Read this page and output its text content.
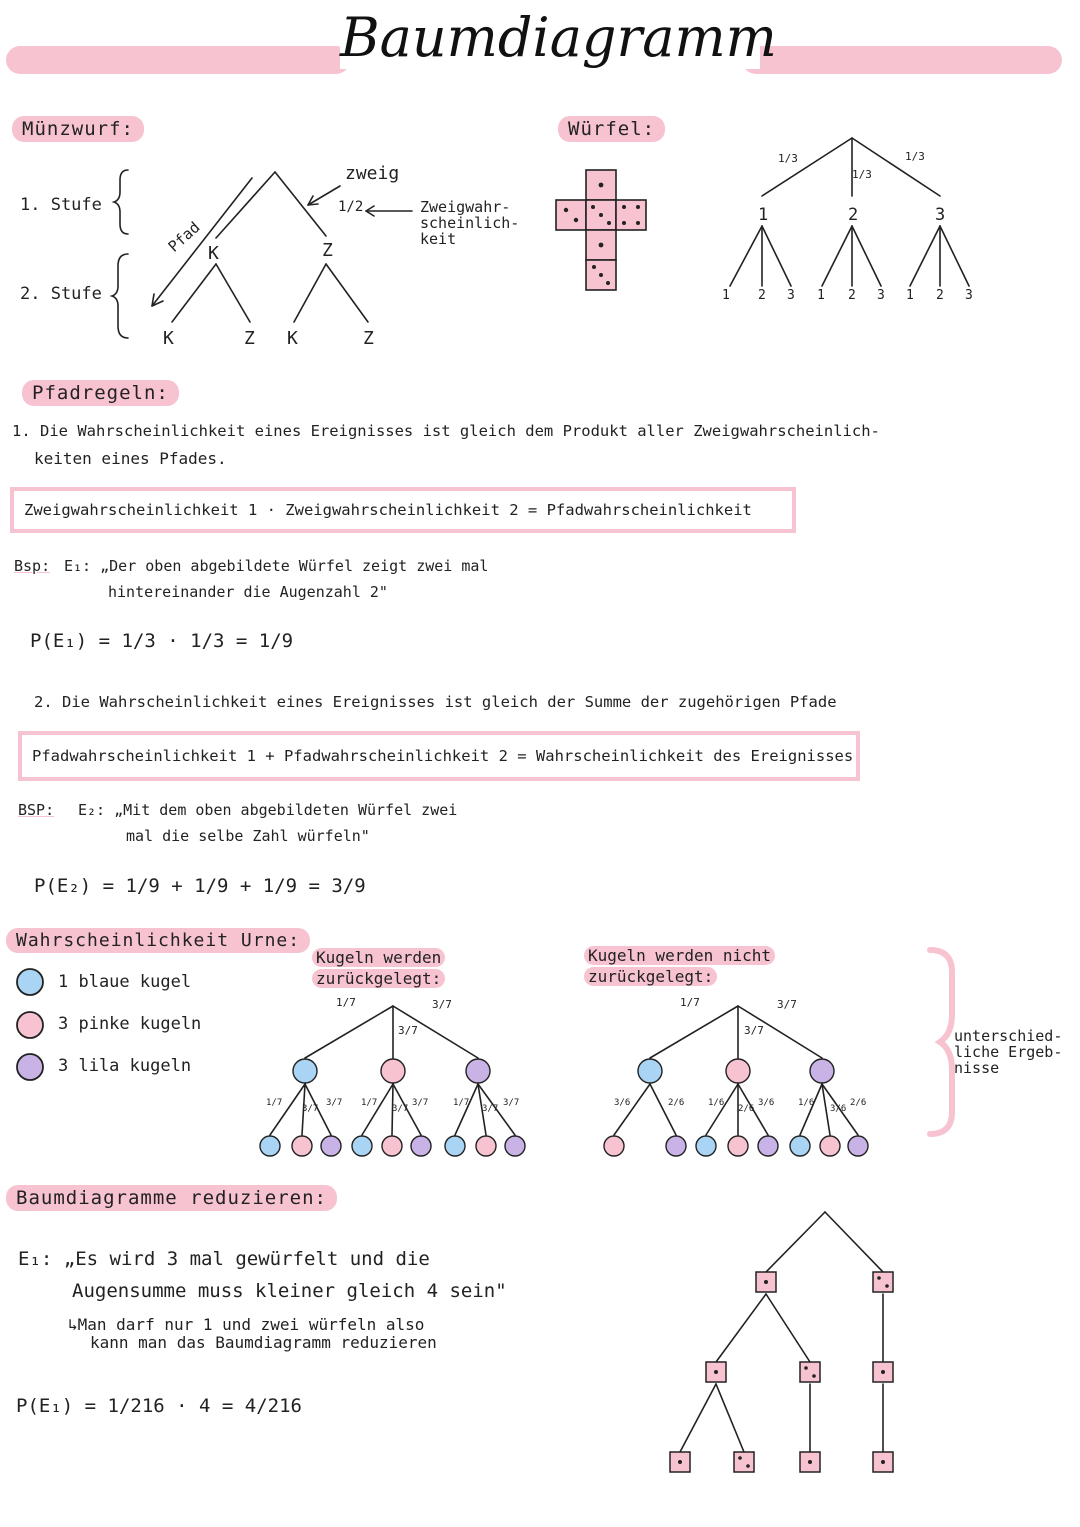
Baumdiagramm
Münzwurf:	Würfel:
1. Stufe
2. Stufe
zweig
Zweigwahr-
scheinlich-
keit
1/2
Pfad K	Z
K	Z K	Z
1/3
1/3
1/3
1	2	3
1 2 3 1 2 3 1 2 3
Pfadregeln:
1. Die Wahrscheinlichkeit eines Ereignisses ist gleich dem Produkt aller Zweigwahrscheinlich-
keiten eines Pfades.
Zweigwahrscheinlichkeit 1 · Zweigwahrscheinlichkeit 2 = Pfadwahrscheinlichkeit
Bsp: E₁: „Der oben abgebildete Würfel zeigt zwei mal
hintereinander die Augenzahl 2"
P(E₁) = 1/3 · 1/3 = 1/9
2. Die Wahrscheinlichkeit eines Ereignisses ist gleich der Summe der zugehörigen Pfade
Pfadwahrscheinlichkeit 1 + Pfadwahrscheinlichkeit 2 = Wahrscheinlichkeit des Ereignisses
BSP: E₂: „Mit dem oben abgebildeten Würfel zwei
mal die selbe Zahl würfeln"
P(E₂) = 1/9 + 1/9 + 1/9 = 3/9
Wahrscheinlichkeit Urne:
1 blaue kugel
3 pinke kugeln
3 lila kugeln
Kugeln werden
zurückgelegt:
Kugeln werden nicht
zurückgelegt:
1/7
3/7
3/7	1/7
3/7
3/7
1/7
3/7
3/7 1/7
3/7
3/7	1/7
3/7
3/7	3/6	2/6	1/6
2/6
3/6	1/6
3/6
2/6
unterschied-
liche Ergeb-
nisse
Baumdiagramme reduzieren:
E₁: „Es wird 3 mal gewürfelt und die
Augensumme muss kleiner gleich 4 sein"
↳Man darf nur 1 und zwei würfeln also
kann man das Baumdiagramm reduzieren
P(E₁) = 1/216 · 4 = 4/216
